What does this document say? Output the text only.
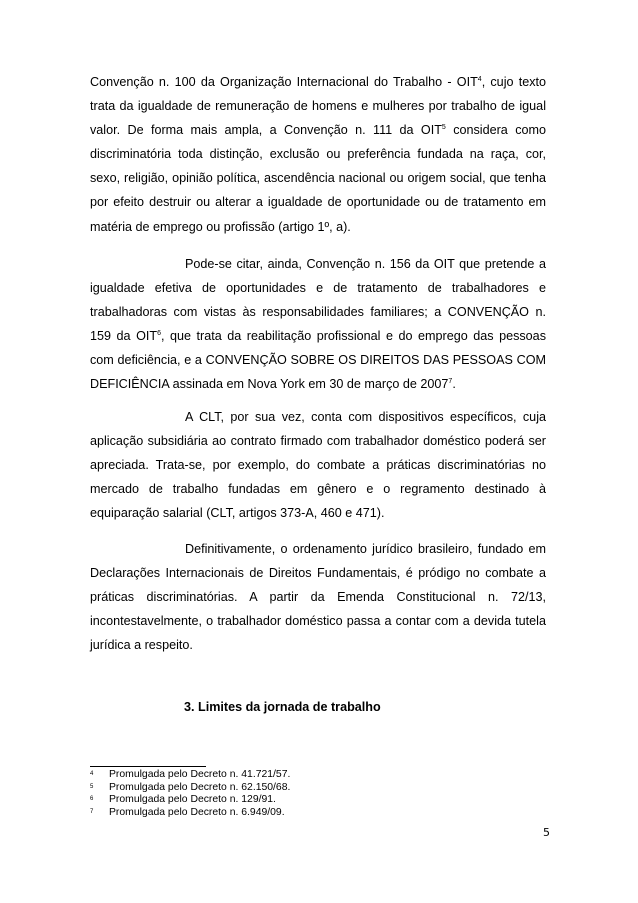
Convenção n. 100 da Organização Internacional do Trabalho - OIT$^4$, cujo texto trata da igualdade de remuneração de homens e mulheres por trabalho de igual valor. De forma mais ampla, a Convenção n. 111 da OIT$^5$ considera como discriminatória toda distinção, exclusão ou preferência fundada na raça, cor, sexo, religião, opinião política, ascendência nacional ou origem social, que tenha por efeito destruir ou alterar a igualdade de oportunidade ou de tratamento em matéria de emprego ou profissão (artigo 1º, a).

Pode-se citar, ainda, Convenção n. 156 da OIT que pretende a igualdade efetiva de oportunidades e de tratamento de trabalhadores e trabalhadoras com vistas às responsabilidades familiares; a CONVENÇÃO n. 159 da OIT$^6$, que trata da reabilitação profissional e do emprego das pessoas com deficiência, e a CONVENÇÃO SOBRE OS DIREITOS DAS PESSOAS COM DEFICIÊNCIA assinada em Nova York em 30 de março de 2007$^7$.

A CLT, por sua vez, conta com dispositivos específicos, cuja aplicação subsidiária ao contrato firmado com trabalhador doméstico poderá ser apreciada. Trata-se, por exemplo, do combate a práticas discriminatórias no mercado de trabalho fundadas em gênero e o regramento destinado à equiparação salarial (CLT, artigos 373-A, 460 e 471).

Definitivamente, o ordenamento jurídico brasileiro, fundado em Declarações Internacionais de Direitos Fundamentais, é pródigo no combate a práticas discriminatórias. A partir da Emenda Constitucional n. 72/13, incontestavelmente, o trabalhador doméstico passa a contar com a devida tutela jurídica a respeito.

3. Limites da jornada de trabalho

4 Promulgada pelo Decreto n. 41.721/57.
5 Promulgada pelo Decreto n. 62.150/68.
6 Promulgada pelo Decreto n. 129/91.
7 Promulgada pelo Decreto n. 6.949/09.
5
